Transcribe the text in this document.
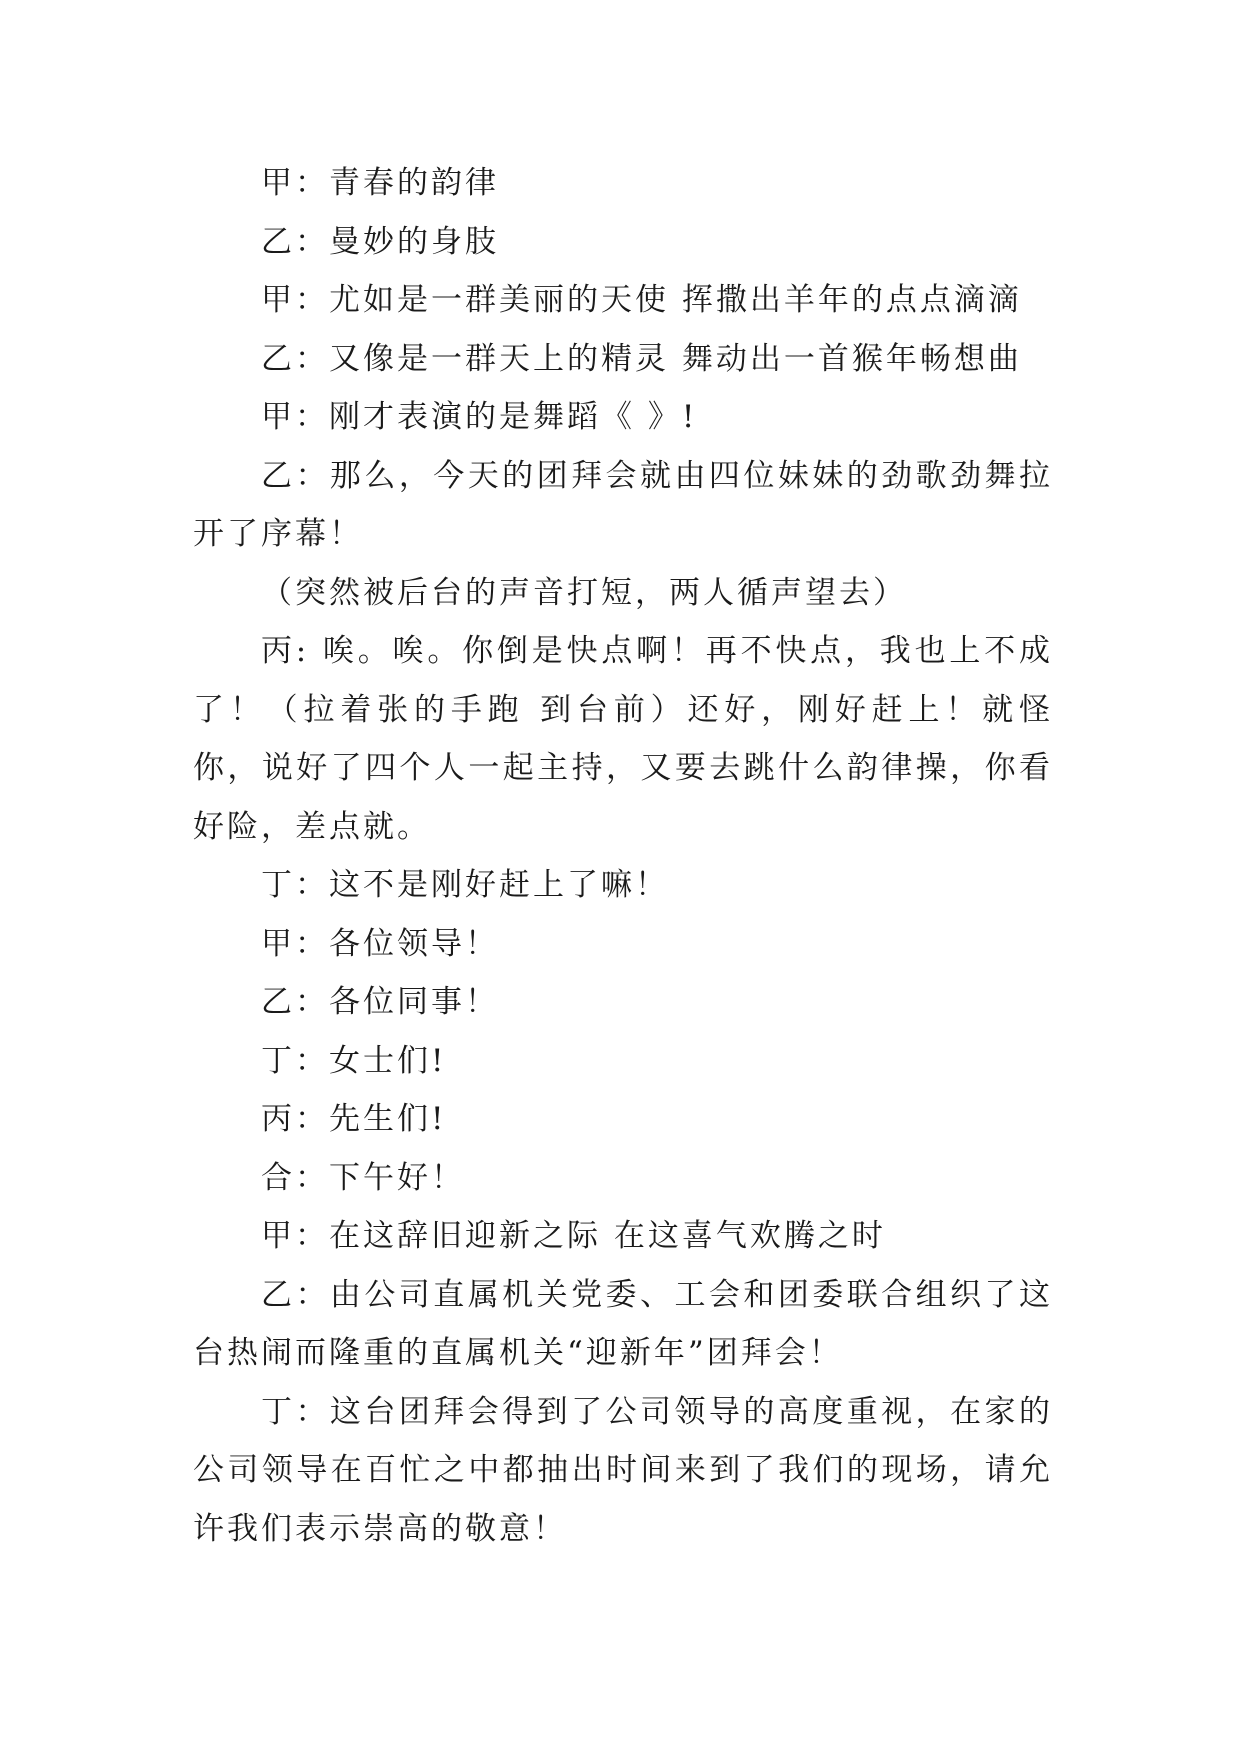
甲：青春的韵律

乙：曼妙的身肢

甲：尤如是一群美丽的天使 挥撒出羊年的点点滴滴

乙：又像是一群天上的精灵 舞动出一首猴年畅想曲

甲：刚才表演的是舞蹈《 》!

乙：那么，今天的团拜会就由四位妹妹的劲歌劲舞拉开了序幕！

（突然被后台的声音打短，两人循声望去）

丙: 唉。唉。你倒是快点啊！再不快点，我也上不成了！（拉着张的手跑 到台前）还好，刚好赶上！就怪你，说好了四个人一起主持，又要去跳什么韵律操，你看好险，差点就。

丁：这不是刚好赶上了嘛！

甲：各位领导！

乙：各位同事！

丁：女士们!

丙：先生们!

合：下午好！

甲：在这辞旧迎新之际 在这喜气欢腾之时

乙：由公司直属机关党委、工会和团委联合组织了这台热闹而隆重的直属机关“迎新年”团拜会！

丁：这台团拜会得到了公司领导的高度重视，在家的公司领导在百忙之中都抽出时间来到了我们的现场，请允许我们表示崇高的敬意！
